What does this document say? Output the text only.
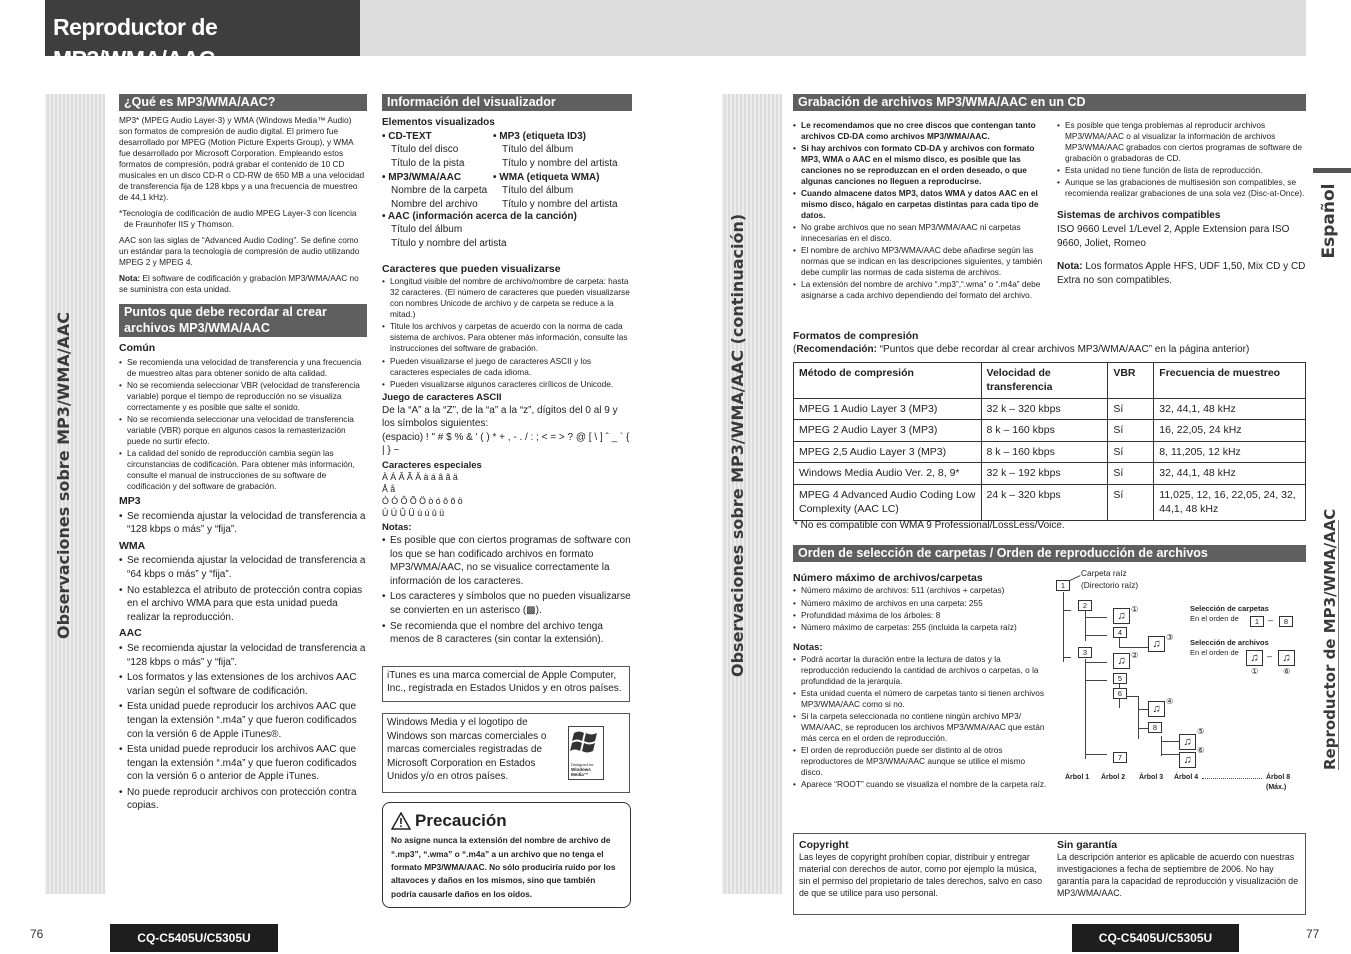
Reproductor de MP3/WMA/AAC
Observaciones sobre MP3/WMA/AAC	Observaciones sobre MP3/WMA/AAC (continuación)	Español
Reproductor de MP3/WMA/AAC
¿Qué es MP3/WMA/AAC?

MP3* (MPEG Audio Layer-3) y WMA (Windows Media™ Audio) son formatos de compresión de audio digital. El primero fue desarrollado por MPEG (Motion Picture Experts Group), y WMA fue desarrollado por Microsoft Corporation. Empleando estos formatos de compresión, podrá grabar el contenido de 10 CD musicales en un disco CD-R o CD-RW de 650 MB a una velocidad de transferencia fija de 128 kbps y a una frecuencia de muestreo de 44,1 kHz).

*Tecnología de codificación de audio MPEG Layer-3 con licencia de Fraunhofer IIS y Thomson.

AAC son las siglas de “Advanced Audio Coding”. Se define como un estándar para la tecnología de compresión de audio utilizando MPEG 2 y MPEG 4.

Nota: El software de codificación y grabación MP3/WMA/AAC no se suministra con esta unidad.

Puntos que debe recordar al crear archivos MP3/WMA/AAC
Común
• Se recomienda una velocidad de transferencia y una frecuencia de muestreo altas para obtener sonido de alta calidad.
• No se recomienda seleccionar VBR (velocidad de transferencia variable) porque el tiempo de reproducción no se visualiza correctamente y es posible que salte el sonido.
• No se recomienda seleccionar una velocidad de transferencia variable (VBR) porque en algunos casos la remasterización puede no surtir efecto.
• La calidad del sonido de reproducción cambia según las circunstancias de codificación. Para obtener más información, consulte el manual de instrucciones de su software de codificación y del software de grabación.
MP3
• Se recomienda ajustar la velocidad de transferencia a “128 kbps o más” y “fija”.
WMA
• Se recomienda ajustar la velocidad de transferencia a “64 kbps o más” y “fija”.
• No establezca el atributo de protección contra copias en el archivo WMA para que esta unidad pueda realizar la reproducción.
AAC
• Se recomienda ajustar la velocidad de transferencia a “128 kbps o más” y “fija”.
• Los formatos y las extensiones de los archivos AAC varían según el software de codificación.
• Esta unidad puede reproducir los archivos AAC que tengan la extensión “.m4a” y que fueron codificados con la versión 6 de Apple iTunes®.
• Esta unidad puede reproducir los archivos AAC que tengan la extensión “.m4a” y que fueron codificados con la versión 6 o anterior de Apple iTunes.
• No puede reproducir archivos con protección contra copias.
Información del visualizador
Elementos visualizados
• CD-TEXT
Título del disco
Título de la pista
• MP3/WMA/AAC
Nombre de la carpeta
Nombre del archivo
• MP3 (etiqueta ID3)
Título del álbum
Título y nombre del artista
• WMA (etiqueta WMA)
Título del álbum
Título y nombre del artista
• AAC (información acerca de la canción)
Título del álbum
Título y nombre del artista
Caracteres que pueden visualizarse
• Longitud visible del nombre de archivo/nombre de carpeta: hasta 32 caracteres. (El número de caracteres que pueden visualizarse con nombres Unicode de archivo y de carpeta se reduce a la mitad.)
• Titule los archivos y carpetas de acuerdo con la norma de cada sistema de archivos. Para obtener más información, consulte las instrucciones del software de grabación.
• Pueden visualizarse el juego de caracteres ASCII y los caracteres especiales de cada idioma.
• Pueden visualizarse algunos caracteres cirílicos de Unicode.
Juego de caracteres ASCII
De la “A” a la “Z”, de la “a” a la “z”, dígitos del 0 al 9 y los símbolos siguientes:
(espacio) ! " # $ % & ' ( ) * + , - . / : ; < = > ? @ [ \ ] ˆ _ ` { | } ~
Caracteres especiales
À Á Â Ã Ä à á â ã ä
Å å
Ò Ó Ô Õ Ö ò ó ô õ ö
Ù Ú Û Ü ù ú û ü
Notas:
• Es posible que con ciertos programas de software con los que se han codificado archivos en formato MP3/WMA/AAC, no se visualice correctamente la información de los caracteres.
• Los caracteres y símbolos que no pueden visualizarse se convierten en un asterisco (▩).
• Se recomienda que el nombre del archivo tenga menos de 8 caracteres (sin contar la extensión).
iTunes es una marca comercial de Apple Computer, Inc., registrada en Estados Unidos y en otros países.
Windows Media y el logotipo de Windows son marcas comerciales o marcas comerciales registradas de Microsoft Corporation en Estados Unidos y/o en otros países.
Designed for
Windows Media™
Precaución
No asigne nunca la extensión del nombre de archivo de “.mp3”, “.wma” o “.m4a” a un archivo que no tenga el formato MP3/WMA/AAC. No sólo produciría ruido por los altavoces y daños en los mismos, sino que también podría causarle daños en los oídos.
Grabación de archivos MP3/WMA/AAC en un CD
• Le recomendamos que no cree discos que contengan tanto archivos CD-DA como archivos MP3/WMA/AAC.
• Si hay archivos con formato CD-DA y archivos con formato MP3, WMA o AAC en el mismo disco, es posible que las canciones no se reproduzcan en el orden deseado, o que algunas canciones no lleguen a reproducirse.
• Cuando almacene datos MP3, datos WMA y datos AAC en el mismo disco, hágalo en carpetas distintas para cada tipo de datos.
• No grabe archivos que no sean MP3/WMA/AAC ni carpetas innecesarias en el disco.
• El nombre de archivo MP3/WMA/AAC debe añadirse según las normas que se indican en las descripciones siguientes, y también debe cumplir las normas de cada sistema de archivos.
• La extensión del nombre de archivo “.mp3”,“.wma” o “.m4a” debe asignarse a cada archivo dependiendo del formato del archivo.
• Es posible que tenga problemas al reproducir archivos MP3/WMA/AAC o al visualizar la información de archivos MP3/WMA/AAC grabados con ciertos programas de software de grabación o grabadoras de CD.
• Esta unidad no tiene función de lista de reproducción.
• Aunque se las grabaciones de multisesión son compatibles, se recomienda realizar grabaciones de una sola vez (Disc-at-Once).
Sistemas de archivos compatibles
ISO 9660 Level 1/Level 2, Apple Extension para ISO 9660, Joliet, Romeo
Nota: Los formatos Apple HFS, UDF 1,50, Mix CD y CD Extra no son compatibles.
Formatos de compresión
(Recomendación: “Puntos que debe recordar al crear archivos MP3/WMA/AAC” en la página anterior)
Método de compresión	Velocidad de transferencia	VBR	Frecuencia de muestreo
MPEG 1 Audio Layer 3 (MP3)	32 k – 320 kbps	Sí	32, 44,1, 48 kHz
MPEG 2 Audio Layer 3 (MP3)	8 k – 160 kbps	Sí	16, 22,05, 24 kHz
MPEG 2,5 Audio Layer 3 (MP3)	8 k – 160 kbps	Sí	8, 11,205, 12 kHz
Windows Media Audio Ver. 2, 8, 9*	32 k – 192 kbps	Sí	32, 44,1, 48 kHz
MPEG 4 Advanced Audio Coding Low Complexity (AAC LC)	24 k – 320 kbps	Sí	11,025, 12, 16, 22,05, 24, 32, 44,1, 48 kHz
* No es compatible con WMA 9 Professional/LossLess/Voice.
Orden de selección de carpetas / Orden de reproducción de archivos
Número máximo de archivos/carpetas
• Número máximo de archivos: 511 (archivos + carpetas)
• Número máximo de archivos en una carpeta: 255
• Profundidad máxima de los árboles: 8
• Número máximo de carpetas: 255 (incluida la carpeta raíz)
Notas:
• Podrá acortar la duración entre la lectura de datos y la reproducción reduciendo la cantidad de archivos o carpetas, o la profundidad de la jerarquía.
• Esta unidad cuenta el número de carpetas tanto si tienen archivos MP3/WMA/AAC como si no.
• Si la carpeta seleccionada no contiene ningún archivo MP3/ WMA/AAC, se reproducen los archivos MP3/WMA/AAC que están más cerca en el orden de reproducción.
• El orden de reproducción puede ser distinto al de otros reproductores de MP3/WMA/AAC aunque se utilice el mismo disco.
• Aparece “ROOT” cuando se visualiza el nombre de la carpeta raíz.
Carpeta raíz
(Directorio raíz)
1
2
3
4
5
6
7
8
♫
①
♫
③
♫ ②
♫
④
♫
⑤
♫
⑥
Selección de carpetas
En el orden de	1 –	8
Selección de archivos
En el orden de	♫ – ♫
①	⑥
Árbol 1 Árbol 2 Árbol 3 Árbol 4	Árbol 8
(Máx.)
Copyright
Las leyes de copyright prohíben copiar, distribuir y entregar material con derechos de autor, como por ejemplo la música, sin el permiso del propietario de tales derechos, salvo en caso de que se utilice para uso personal.
Sin garantía
La descripción anterior es aplicable de acuerdo con nuestras investigaciones a fecha de septiembre de 2006. No hay garantía para la capacidad de reproducción y visualización de MP3/WMA/AAC.
76	CQ-C5405U/C5305U	CQ-C5405U/C5305U	77
